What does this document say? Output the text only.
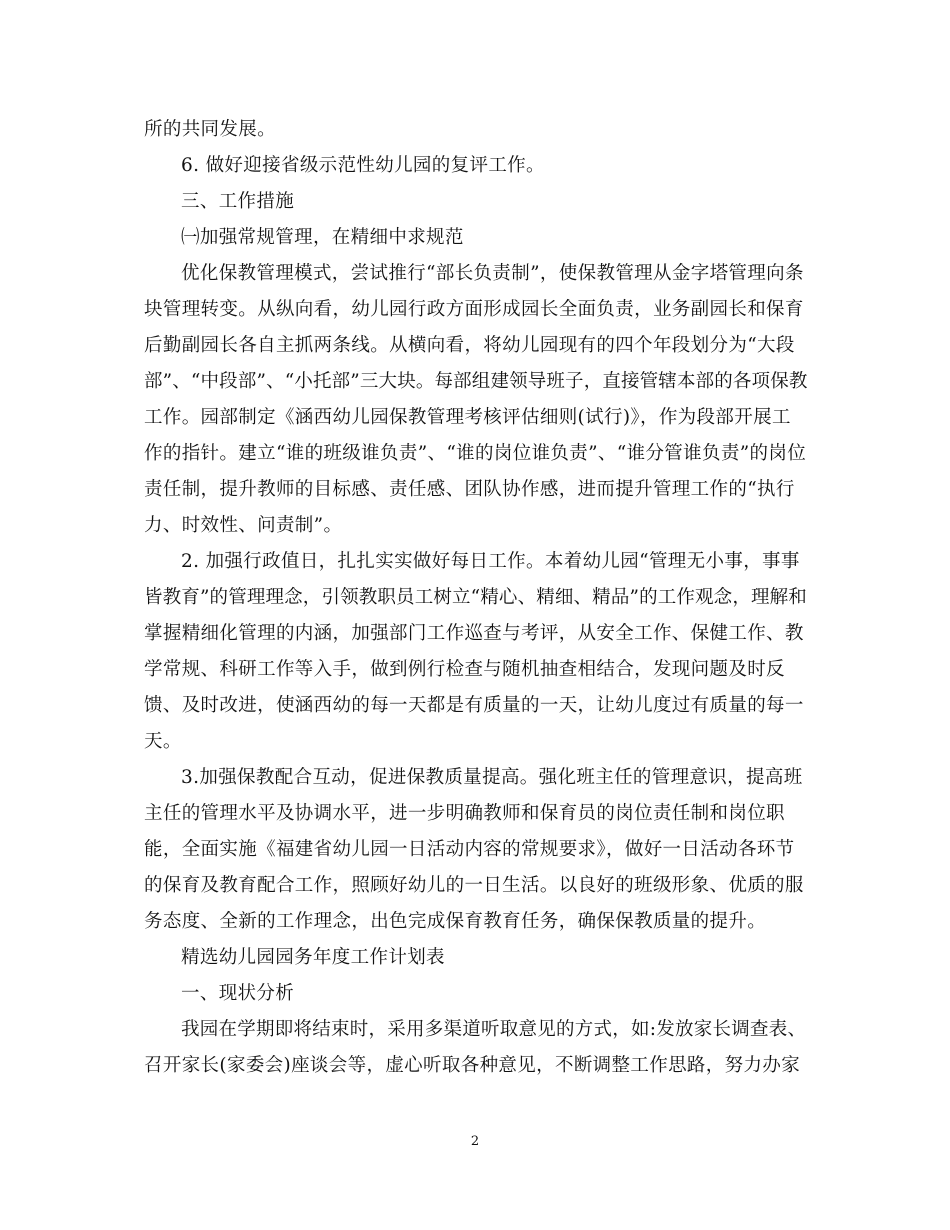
所的共同发展。
6. 做好迎接省级示范性幼儿园的复评工作。
三、工作措施
㈠加强常规管理，在精细中求规范
优化保教管理模式，尝试推行“部长负责制”，使保教管理从金字塔管理向条
块管理转变。从纵向看，幼儿园行政方面形成园长全面负责，业务副园长和保育
后勤副园长各自主抓两条线。从横向看，将幼儿园现有的四个年段划分为“大段
部”、“中段部”、“小托部”三大块。每部组建领导班子，直接管辖本部的各项保教
工作。园部制定《涵西幼儿园保教管理考核评估细则(试行)》，作为段部开展工
作的指针。建立“谁的班级谁负责”、“谁的岗位谁负责”、“谁分管谁负责”的岗位
责任制，提升教师的目标感、责任感、团队协作感，进而提升管理工作的“执行
力、时效性、问责制”。
2. 加强行政值日，扎扎实实做好每日工作。本着幼儿园“管理无小事，事事
皆教育”的管理理念，引领教职员工树立“精心、精细、精品”的工作观念，理解和
掌握精细化管理的内涵，加强部门工作巡查与考评，从安全工作、保健工作、教
学常规、科研工作等入手，做到例行检查与随机抽查相结合，发现问题及时反
馈、及时改进，使涵西幼的每一天都是有质量的一天，让幼儿度过有质量的每一
天。
3.加强保教配合互动，促进保教质量提高。强化班主任的管理意识，提高班
主任的管理水平及协调水平，进一步明确教师和保育员的岗位责任制和岗位职
能，全面实施《福建省幼儿园一日活动内容的常规要求》，做好一日活动各环节
的保育及教育配合工作，照顾好幼儿的一日生活。以良好的班级形象、优质的服
务态度、全新的工作理念，出色完成保育教育任务，确保保教质量的提升。
精选幼儿园园务年度工作计划表
一、现状分析
我园在学期即将结束时，采用多渠道听取意见的方式，如:发放家长调查表、
召开家长(家委会)座谈会等，虚心听取各种意见，不断调整工作思路，努力办家
2
